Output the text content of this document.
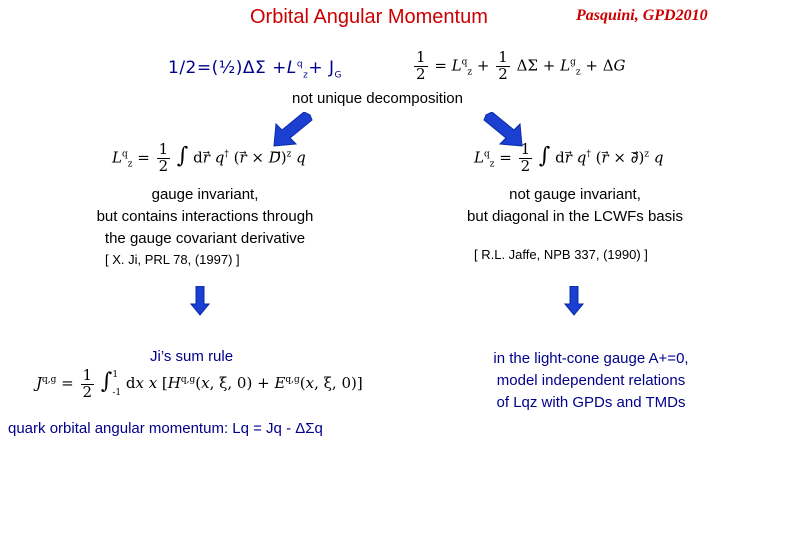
Orbital Angular Momentum	Pasquini, GPD2010
1/2=(½)ΔΣ $+L^q_z+ J_G$	$\frac{1}{2} = L^q_z + \frac{1}{2}$ $\Delta\Sigma + L^g_z + \Delta G$
not unique decomposition
$L^q_z = \frac{1}{2}$ ∫ dr⃗ q† (r⃗ × D⃗)$^z$ q
gauge invariant,
but contains interactions through
the gauge covariant derivative
[ X. Ji, PRL 78, (1997) ]
$L^q_z = \frac{1}{2}$ ∫ dr⃗ q† (r⃗ × ∂⃗)$^z$ q
not gauge invariant,
but diagonal in the LCWFs basis
[ R.L. Jaffe, NPB 337, (1990) ]
Ji’s sum rule
$J^{q,g} = \frac{1}{2}$ ∫ 1
-1
dx x [$H^{q,g}(x$, ξ, 0) + E$^{q,g}$(x, ξ, 0)]
in the light-cone gauge A+=0,
model independent relations
of Lqz with GPDs and TMDs
quark orbital angular momentum: Lq = Jq - ΔΣq
